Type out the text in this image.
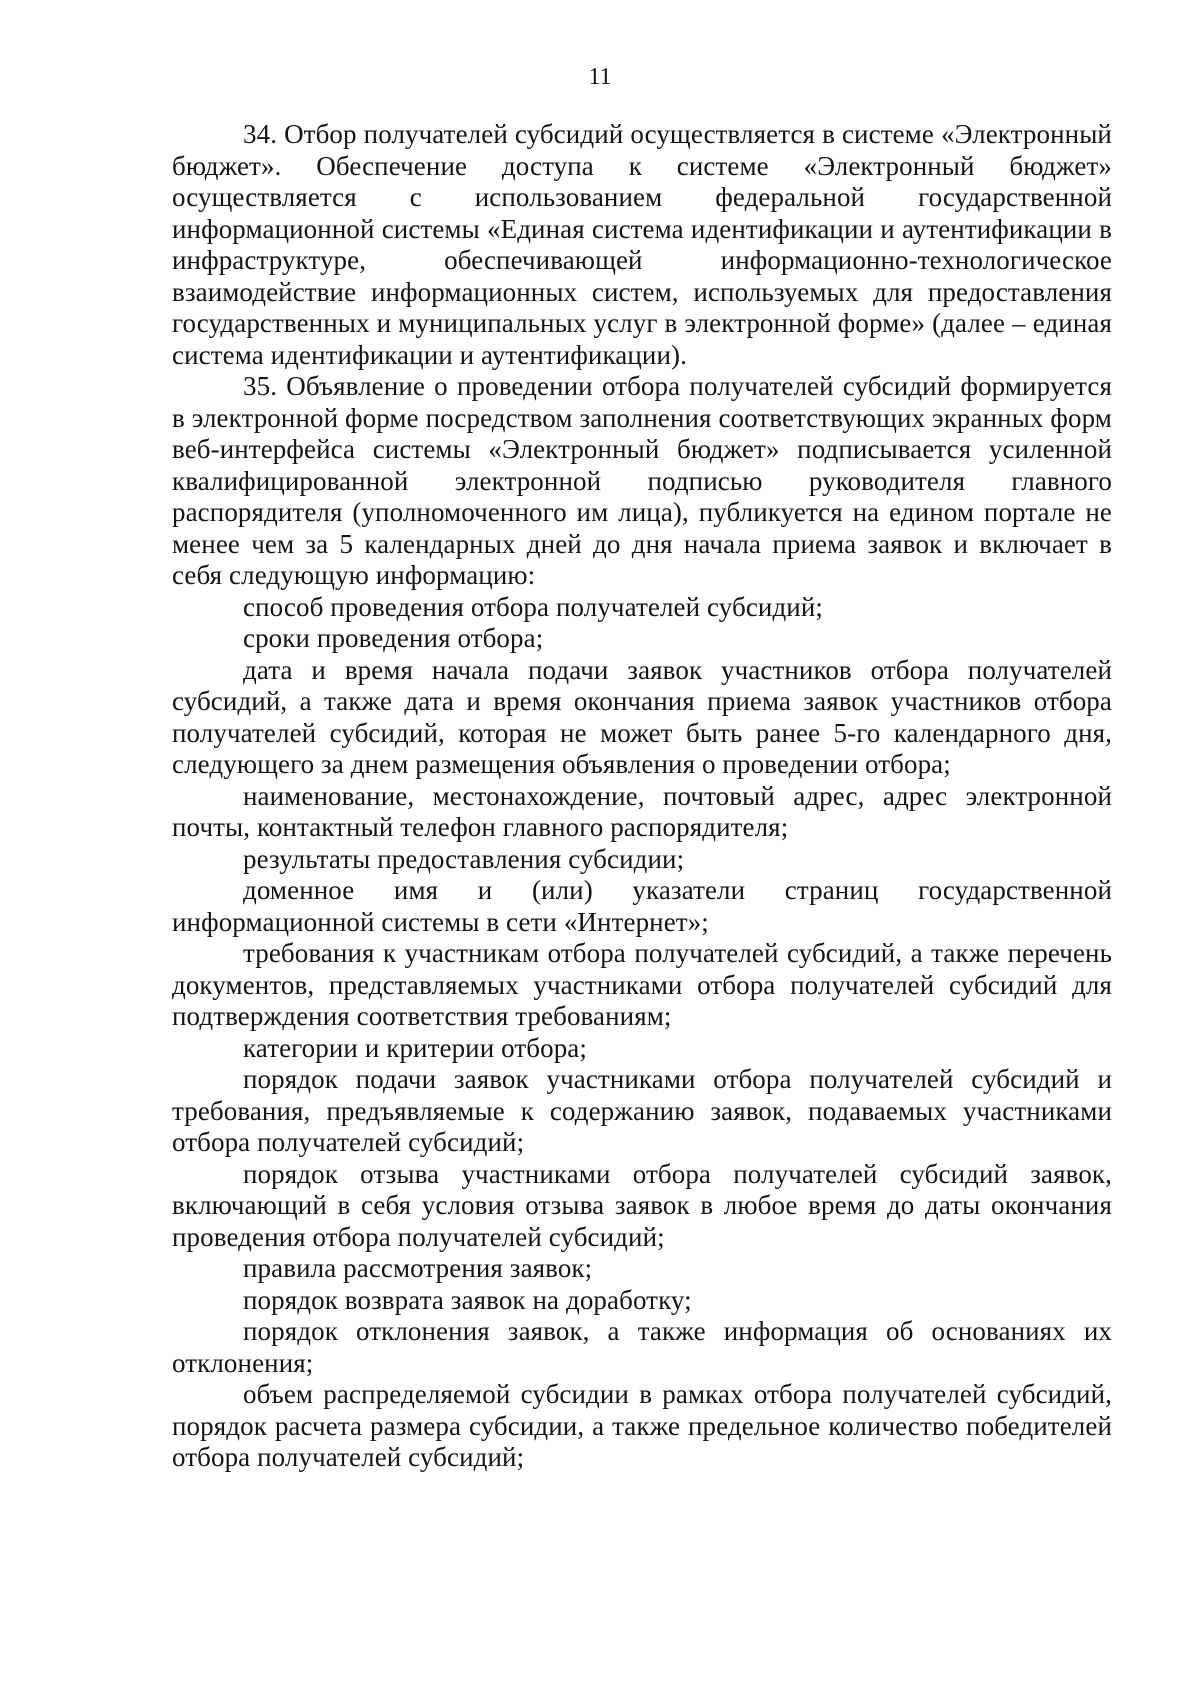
11

34. Отбор получателей субсидий осуществляется в системе «Электронный бюджет». Обеспечение доступа к системе «Электронный бюджет» осуществляется с использованием федеральной государственной информационной системы «Единая система идентификации и аутентификации в инфраструктуре, обеспечивающей информационно-технологическое взаимодействие информационных систем, используемых для предоставления государственных и муниципальных услуг в электронной форме» (далее – единая система идентификации и аутентификации).

35. Объявление о проведении отбора получателей субсидий формируется в электронной форме посредством заполнения соответствующих экранных форм веб-интерфейса системы «Электронный бюджет» подписывается усиленной квалифицированной электронной подписью руководителя главного распорядителя (уполномоченного им лица), публикуется на едином портале не менее чем за 5 календарных дней до дня начала приема заявок и включает в себя следующую информацию:

способ проведения отбора получателей субсидий;

сроки проведения отбора;

дата и время начала подачи заявок участников отбора получателей субсидий, а также дата и время окончания приема заявок участников отбора получателей субсидий, которая не может быть ранее 5-го календарного дня, следующего за днем размещения объявления о проведении отбора;

наименование, местонахождение, почтовый адрес, адрес электронной почты, контактный телефон главного распорядителя;

результаты предоставления субсидии;

доменное имя и (или) указатели страниц государственной информационной системы в сети «Интернет»;

требования к участникам отбора получателей субсидий, а также перечень документов, представляемых участниками отбора получателей субсидий для подтверждения соответствия требованиям;

категории и критерии отбора;

порядок подачи заявок участниками отбора получателей субсидий и требования, предъявляемые к содержанию заявок, подаваемых участниками отбора получателей субсидий;

порядок отзыва участниками отбора получателей субсидий заявок, включающий в себя условия отзыва заявок в любое время до даты окончания проведения отбора получателей субсидий;

правила рассмотрения заявок;

порядок возврата заявок на доработку;

порядок отклонения заявок, а также информация об основаниях их отклонения;

объем распределяемой субсидии в рамках отбора получателей субсидий, порядок расчета размера субсидии, а также предельное количество победителей отбора получателей субсидий;
